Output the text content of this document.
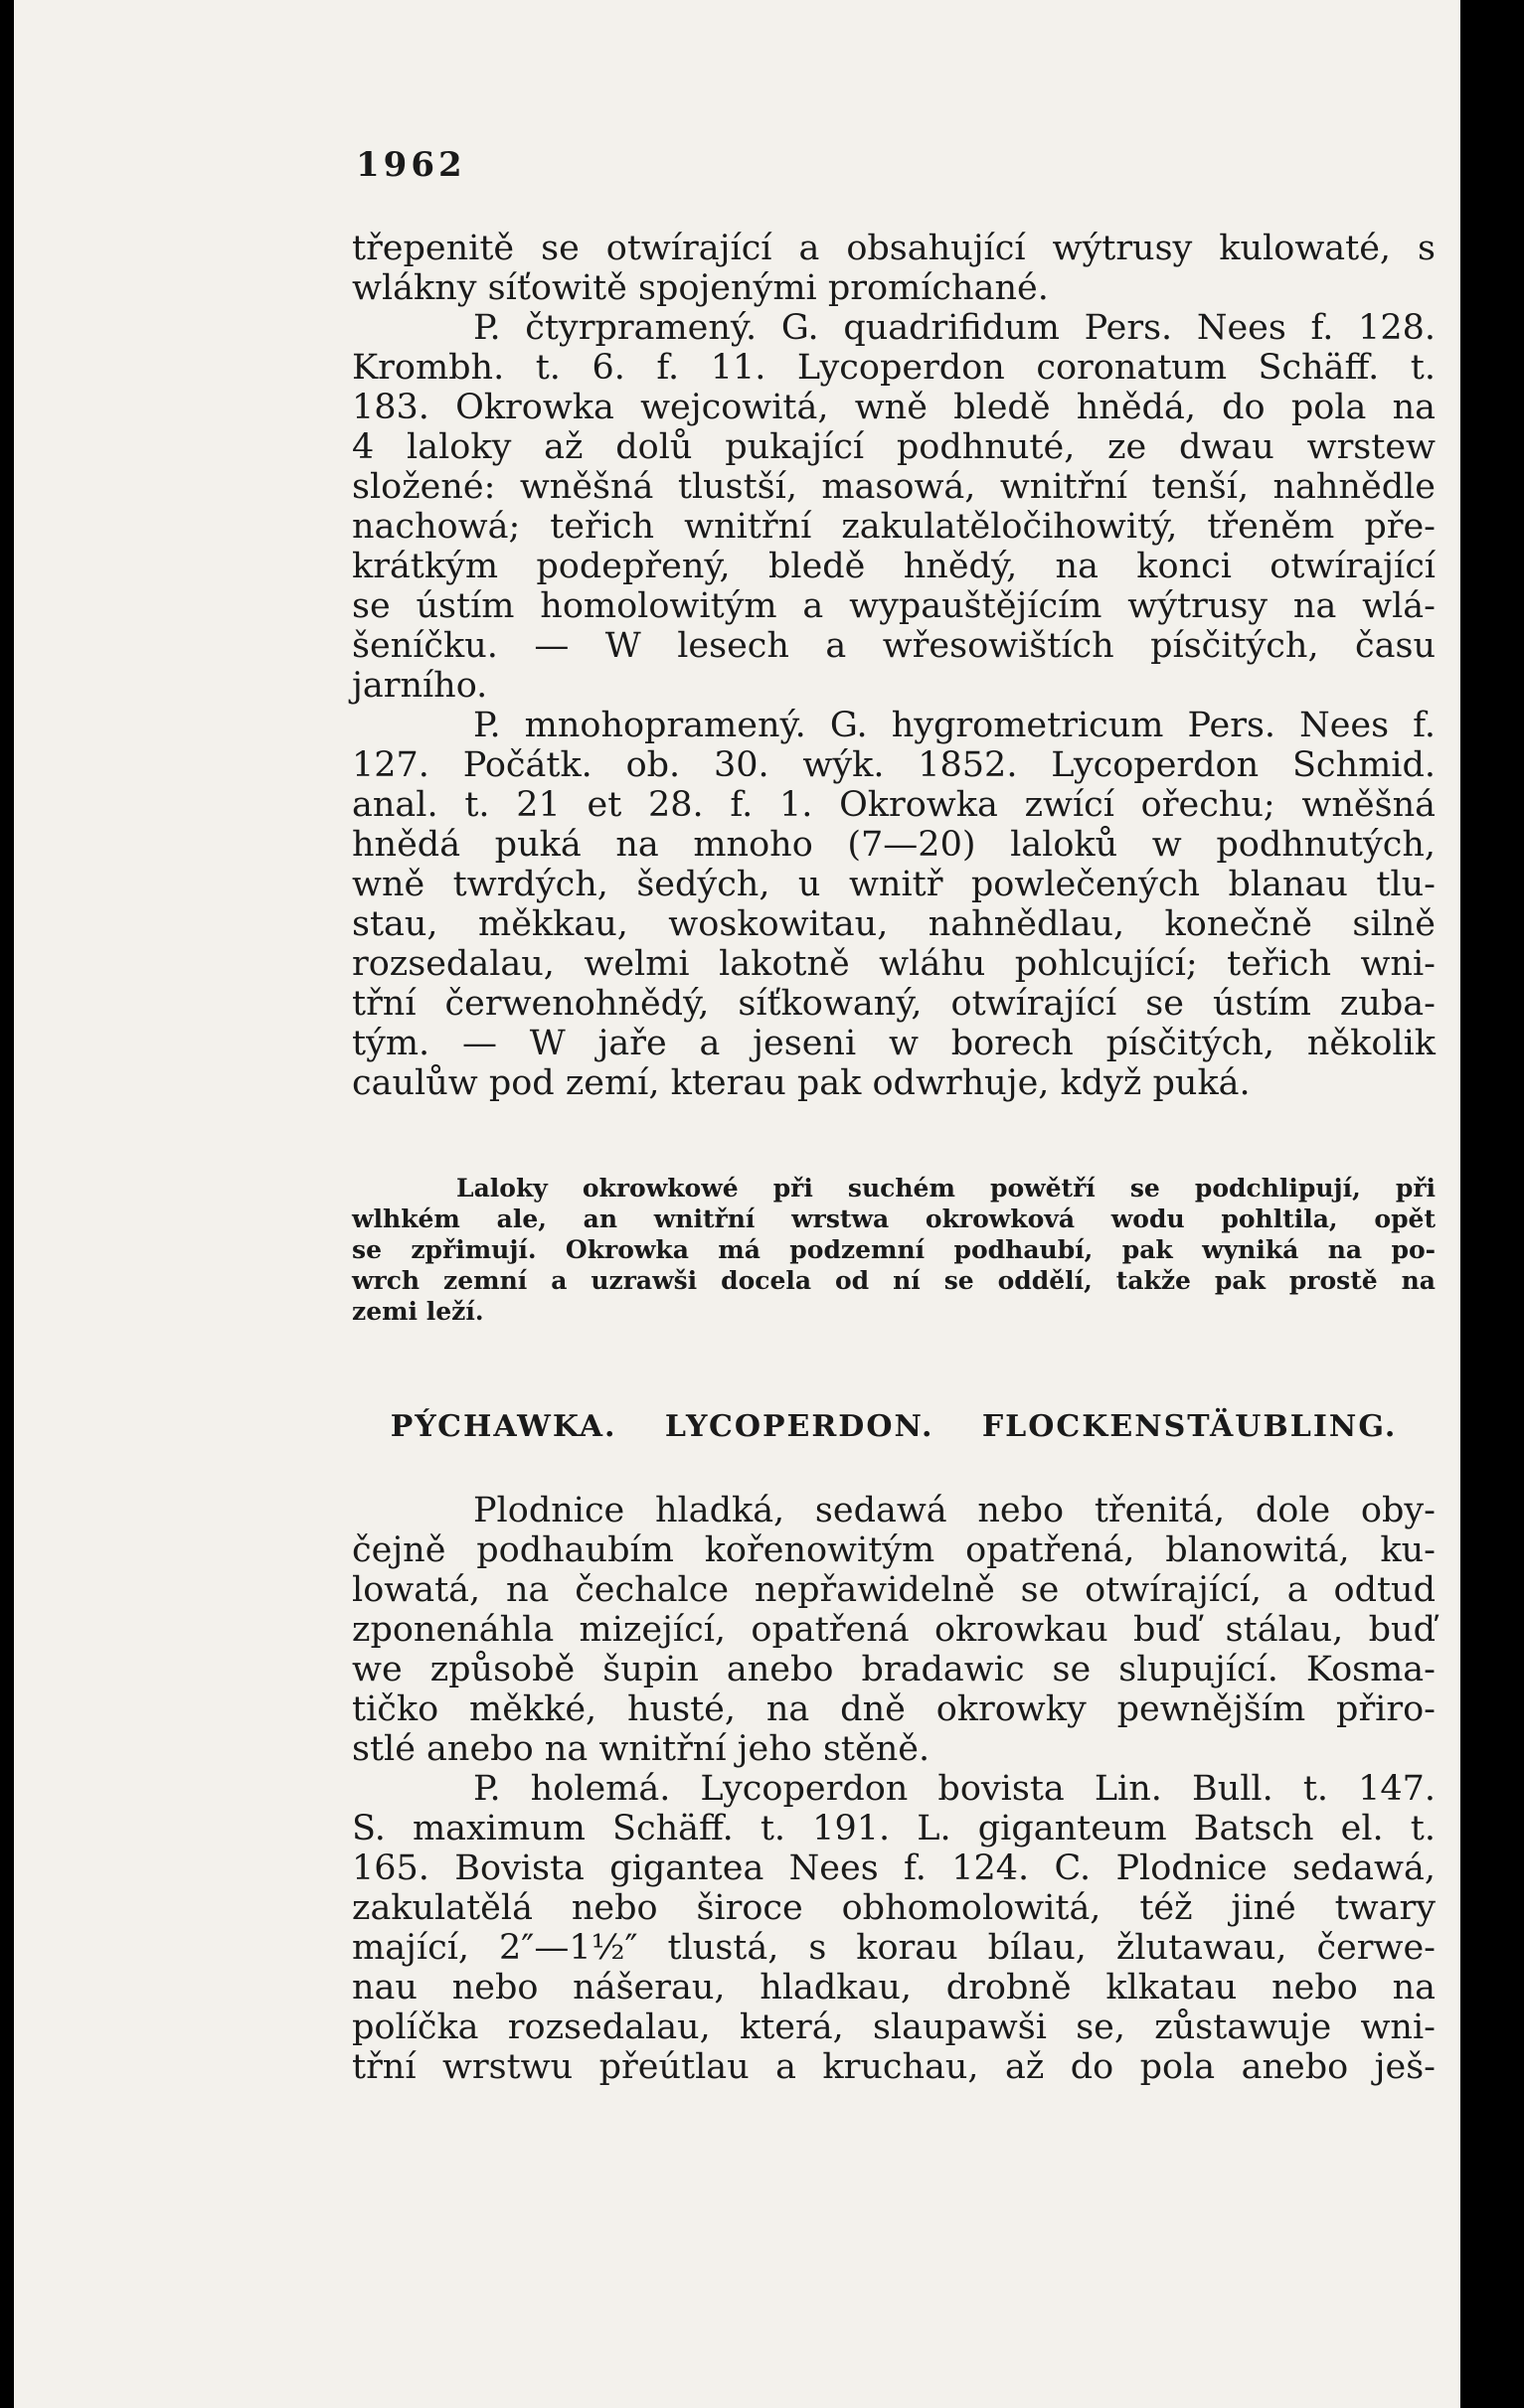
1962
třepenitě se otwírající a obsahující wýtrusy kulowaté, s
wlákny síťowitě spojenými promíchané.
P. čtyrpramený. G. quadrifidum Pers. Nees f. 128.
Krombh. t. 6. f. 11. Lycoperdon coronatum Schäff. t.
183. Okrowka wejcowitá, wně bledě hnědá, do pola na
4 laloky až dolů pukající podhnuté, ze dwau wrstew
složené: wněšná tlustší, masowá, wnitřní tenší, nahnědle
nachowá; teřich wnitřní zakulatěločihowitý, třeněm pře-
krátkým podepřený, bledě hnědý, na konci otwírající
se ústím homolowitým a wypauštějícím wýtrusy na wlá-
šeníčku. — W lesech a wřesowištích písčitých, času
jarního.
P. mnohopramený. G. hygrometricum Pers. Nees f.
127. Počátk. ob. 30. wýk. 1852. Lycoperdon Schmid.
anal. t. 21 et 28. f. 1. Okrowka zwící ořechu; wněšná
hnědá puká na mnoho (7—20) laloků w podhnutých,
wně twrdých, šedých, u wnitř powlečených blanau tlu-
stau, měkkau, woskowitau, nahnědlau, konečně silně
rozsedalau, welmi lakotně wláhu pohlcující; teřich wni-
třní čerwenohnědý, síťkowaný, otwírající se ústím zuba-
tým. — W jaře a jeseni w borech písčitých, několik
caulůw pod zemí, kterau pak odwrhuje, když puká.
Laloky okrowkowé při suchém powětří se podchlipují, při
wlhkém ale, an wnitřní wrstwa okrowková wodu pohltila, opět
se zpřimují. Okrowka má podzemní podhaubí, pak wyniká na po-
wrch zemní a uzrawši docela od ní se oddělí, takže pak prostě na
zemi leží.
PÝCHAWKA. LYCOPERDON. FLOCKENSTÄUBLING.
Plodnice hladká, sedawá nebo třenitá, dole oby-
čejně podhaubím kořenowitým opatřená, blanowitá, ku-
lowatá, na čechalce nepřawidelně se otwírající, a odtud
zponenáhla mizející, opatřená okrowkau buď stálau, buď
we způsobě šupin anebo bradawic se slupující. Kosma-
tičko měkké, husté, na dně okrowky pewnějším přiro-
stlé anebo na wnitřní jeho stěně.
P. holemá. Lycoperdon bovista Lin. Bull. t. 147.
S. maximum Schäff. t. 191. L. giganteum Batsch el. t.
165. Bovista gigantea Nees f. 124. C. Plodnice sedawá,
zakulatělá nebo široce obhomolowitá, též jiné twary
mající, 2″—1½″ tlustá, s korau bílau, žlutawau, čerwe-
nau nebo nášerau, hladkau, drobně klkatau nebo na
políčka rozsedalau, která, slaupawši se, zůstawuje wni-
třní wrstwu přeútlau a kruchau, až do pola anebo ješ-
